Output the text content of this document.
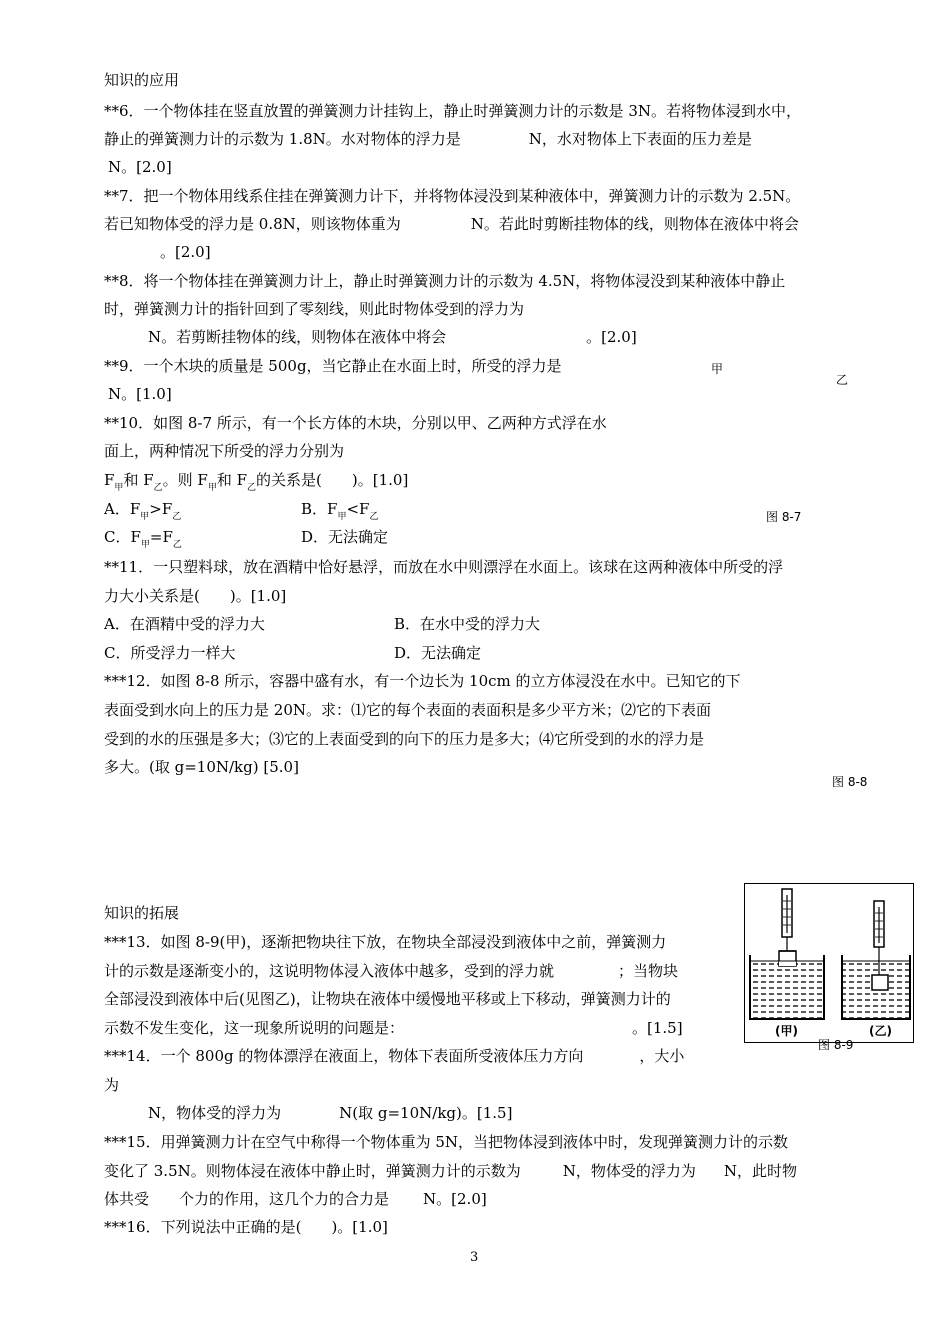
知识的应用
**6．一个物体挂在竖直放置的弹簧测力计挂钩上，静止时弹簧测力计的示数是 3N。若将物体浸到水中，
静止的弹簧测力计的示数为 1.8N。水对物体的浮力是	N，水对物体上下表面的压力差是
N。[2.0]
**7．把一个物体用线系住挂在弹簧测力计下，并将物体浸没到某种液体中，弹簧测力计的示数为 2.5N。
若已知物体受的浮力是 0.8N，则该物体重为	N。若此时剪断挂物体的线，则物体在液体中将会
。[2.0]
**8．将一个物体挂在弹簧测力计上，静止时弹簧测力计的示数为 4.5N，将物体浸没到某种液体中静止
时，弹簧测力计的指针回到了零刻线，则此时物体受到的浮力为
N。若剪断挂物体的线，则物体在液体中将会	。[2.0]
**9．一个木块的质量是 500g，当它静止在水面上时，所受的浮力是
N。[1.0]
甲
乙
图 8-7
**10．如图 8-7 所示，有一个长方体的木块，分别以甲、乙两种方式浮在水
面上，两种情况下所受的浮力分别为
$F_甲$和 $F_乙$。则 $F_甲$和 $F_乙$的关系是(　　)。[1.0]
A．$F_甲>F_乙$	B．$F_甲<F_乙$
C．$F_甲=F_乙$	D．无法确定
**11．一只塑料球，放在酒精中恰好悬浮，而放在水中则漂浮在水面上。该球在这两种液体中所受的浮
力大小关系是(　　)。[1.0]
A．在酒精中受的浮力大	B．在水中受的浮力大
C．所受浮力一样大	D．无法确定
***12．如图 8-8 所示，容器中盛有水，有一个边长为 10cm 的立方体浸没在水中。已知它的下
表面受到水向上的压力是 20N。求：⑴它的每个表面的表面积是多少平方米；⑵它的下表面
受到的水的压强是多大；⑶它的上表面受到的向下的压力是多大；⑷它所受到的水的浮力是
多大。(取 g=10N/kg) [5.0]
图 8-8
知识的拓展
(甲)	(乙)
图 8-9
***13．如图 8-9(甲)，逐渐把物块往下放，在物块全部浸没到液体中之前，弹簧测力
计的示数是逐渐变小的，这说明物体浸入液体中越多，受到的浮力就	；当物块
全部浸没到液体中后(见图乙)，让物块在液体中缓慢地平移或上下移动，弹簧测力计的
示数不发生变化，这一现象所说明的问题是：	。[1.5]
***14．一个 800g 的物体漂浮在液面上，物体下表面所受液体压力方向	，大小
为
N，物体受的浮力为	N(取 g=10N/kg)。[1.5]
***15．用弹簧测力计在空气中称得一个物体重为 5N，当把物体浸到液体中时，发现弹簧测力计的示数
变化了 3.5N。则物体浸在液体中静止时，弹簧测力计的示数为	N，物体受的浮力为 N，此时物
体共受 个力的作用，这几个力的合力是 N。[2.0]
***16．下列说法中正确的是(　　)。[1.0]
3
